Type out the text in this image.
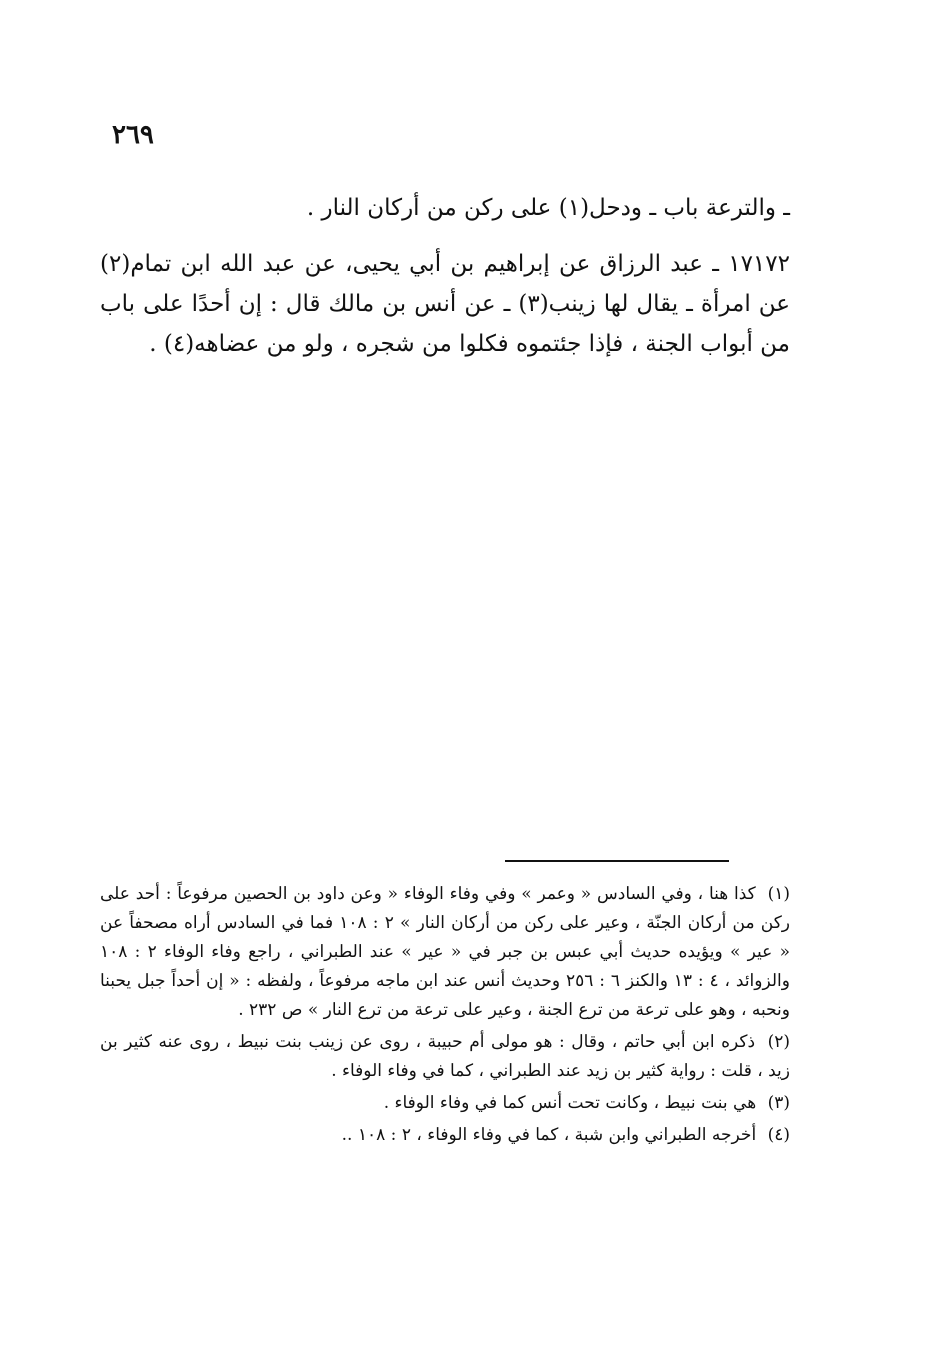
٢٦٩

ـ والترعة باب ـ ودحل(١) على ركن من أركان النار .

١٧١٧٢ ـ عبد الرزاق عن إبراهيم بن أبي يحيى، عن عبد الله ابن تمام(٢) عن امرأة ـ يقال لها زينب(٣) ـ عن أنس بن مالك قال : إن أحدًا على باب من أبواب الجنة ، فإذا جئتموه فكلوا من شجره ، ولو من عضاهه(٤) .

(١) كذا هنا ، وفي السادس « وعمر » وفي وفاء الوفاء « وعن داود بن الحصين مرفوعاً : أحد على ركن من أركان الجنّة ، وعير على ركن من أركان النار » ٢ : ١٠٨ فما في السادس أراه مصحفاً عن « عير » ويؤيده حديث أبي عبس بن جبر في « عير » عند الطبراني ، راجع وفاء الوفاء ٢ : ١٠٨ والزوائد ، ٤ : ١٣ والكنز ٦ : ٢٥٦ وحديث أنس عند ابن ماجه مرفوعاً ، ولفظه : « إن أحداً جبل يحبنا ونحبه ، وهو على ترعة من ترع الجنة ، وعير على ترعة من ترع النار » ص ٢٣٢ .

(٢) ذكره ابن أبي حاتم ، وقال : هو مولى أم حبيبة ، روى عن زينب بنت نبيط ، روى عنه كثير بن زيد ، قلت : رواية كثير بن زيد عند الطبراني ، كما في وفاء الوفاء .

(٣) هي بنت نبيط ، وكانت تحت أنس كما في وفاء الوفاء .

(٤) أخرجه الطبراني وابن شبة ، كما في وفاء الوفاء ، ٢ : ١٠٨ ..
